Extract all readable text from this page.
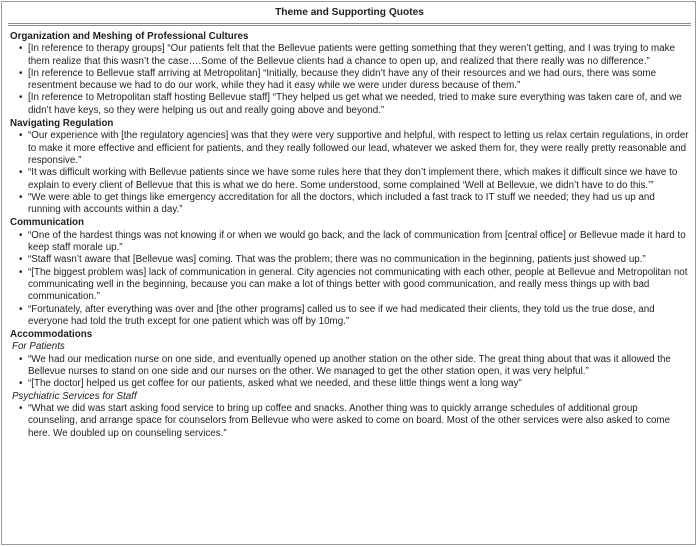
Theme and Supporting Quotes
Organization and Meshing of Professional Cultures
• [In reference to therapy groups] “Our patients felt that the Bellevue patients were getting something that they weren’t getting, and I was trying to make them realize that this wasn’t the case….Some of the Bellevue clients had a chance to open up, and realized that there really was no difference.”
• [In reference to Bellevue staff arriving at Metropolitan] “Initially, because they didn’t have any of their resources and we had ours, there was some resentment because we had to do our work, while they had it easy while we were under duress because of them.”
• [In reference to Metropolitan staff hosting Bellevue staff] “They helped us get what we needed, tried to make sure everything was taken care of, and we didn’t have keys, so they were helping us out and really going above and beyond.”
Navigating Regulation
• “Our experience with [the regulatory agencies] was that they were very supportive and helpful, with respect to letting us relax certain regulations, in order to make it more effective and efficient for patients, and they really followed our lead, whatever we asked them for, they were really pretty reasonable and responsive.”
• “It was difficult working with Bellevue patients since we have some rules here that they don’t implement there, which makes it difficult since we have to explain to every client of Bellevue that this is what we do here. Some understood, some complained ‘Well at Bellevue, we didn’t have to do this.’”
• “We were able to get things like emergency accreditation for all the doctors, which included a fast track to IT stuff we needed; they had us up and running with accounts within a day.”
Communication
• “One of the hardest things was not knowing if or when we would go back, and the lack of communication from [central office] or Bellevue made it hard to keep staff morale up.”
• “Staff wasn’t aware that [Bellevue was] coming. That was the problem; there was no communication in the beginning, patients just showed up.”
• “[The biggest problem was] lack of communication in general. City agencies not communicating with each other, people at Bellevue and Metropolitan not communicating well in the beginning, because you can make a lot of things better with good communication, and really mess things up with bad communication.”
• “Fortunately, after everything was over and [the other programs] called us to see if we had medicated their clients, they told us the true dose, and everyone had told the truth except for one patient which was off by 10mg.”
Accommodations
For Patients
• “We had our medication nurse on one side, and eventually opened up another station on the other side. The great thing about that was it allowed the Bellevue nurses to stand on one side and our nurses on the other. We managed to get the other station open, it was very helpful.”
• “[The doctor] helped us get coffee for our patients, asked what we needed, and these little things went a long way”
Psychiatric Services for Staff
• “What we did was start asking food service to bring up coffee and snacks. Another thing was to quickly arrange schedules of additional group counseling, and arrange space for counselors from Bellevue who were asked to come on board. Most of the other services were also asked to come here. We doubled up on counseling services.”
